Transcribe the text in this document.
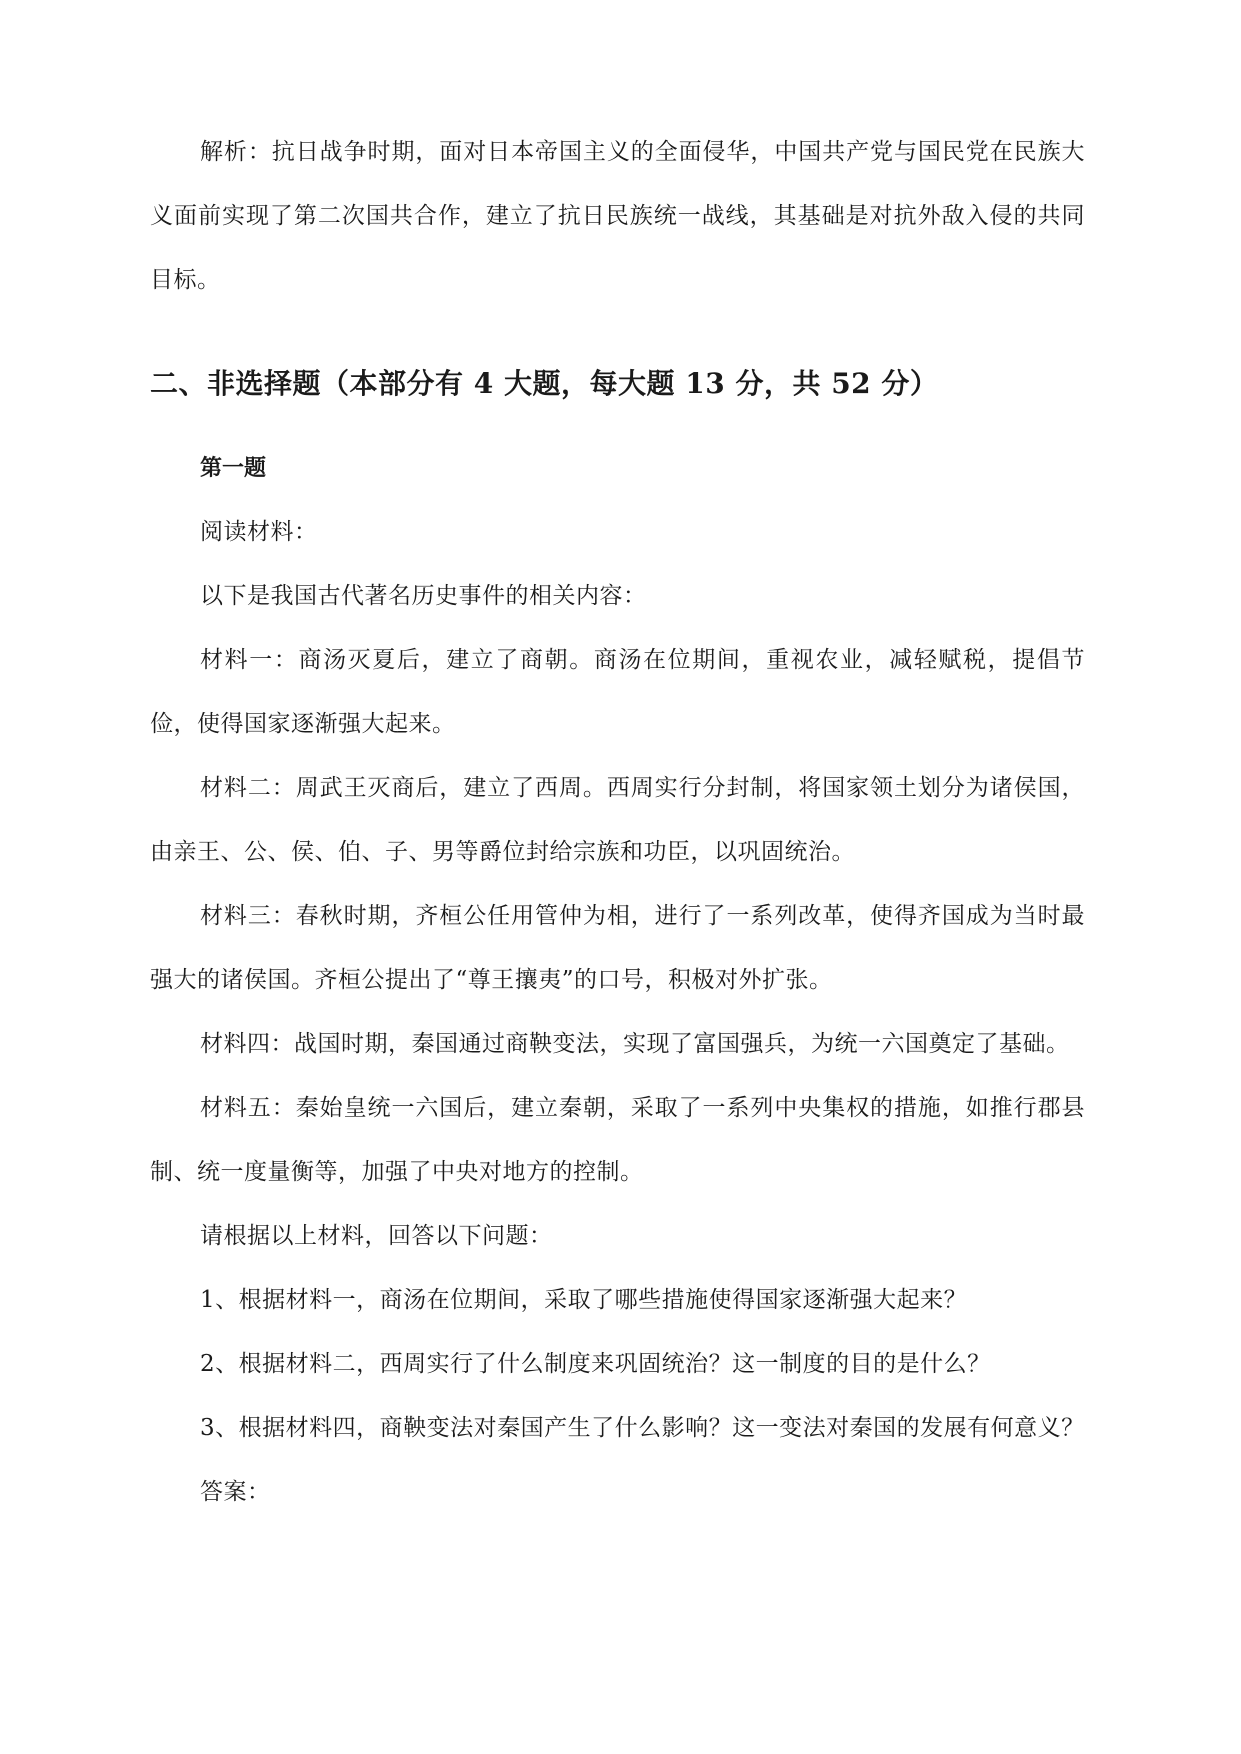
解析：抗日战争时期，面对日本帝国主义的全面侵华，中国共产党与国民党在民族大义面前实现了第二次国共合作，建立了抗日民族统一战线，其基础是对抗外敌入侵的共同目标。

二、非选择题（本部分有 4 大题，每大题 13 分，共 52 分）

第一题

阅读材料：

以下是我国古代著名历史事件的相关内容：

材料一：商汤灭夏后，建立了商朝。商汤在位期间，重视农业，减轻赋税，提倡节俭，使得国家逐渐强大起来。

材料二：周武王灭商后，建立了西周。西周实行分封制，将国家领土划分为诸侯国，由亲王、公、侯、伯、子、男等爵位封给宗族和功臣，以巩固统治。

材料三：春秋时期，齐桓公任用管仲为相，进行了一系列改革，使得齐国成为当时最强大的诸侯国。齐桓公提出了“尊王攘夷”的口号，积极对外扩张。

材料四：战国时期，秦国通过商鞅变法，实现了富国强兵，为统一六国奠定了基础。

材料五：秦始皇统一六国后，建立秦朝，采取了一系列中央集权的措施，如推行郡县制、统一度量衡等，加强了中央对地方的控制。

请根据以上材料，回答以下问题：

1、根据材料一，商汤在位期间，采取了哪些措施使得国家逐渐强大起来？

2、根据材料二，西周实行了什么制度来巩固统治？这一制度的目的是什么？

3、根据材料四，商鞅变法对秦国产生了什么影响？这一变法对秦国的发展有何意义？

答案：
